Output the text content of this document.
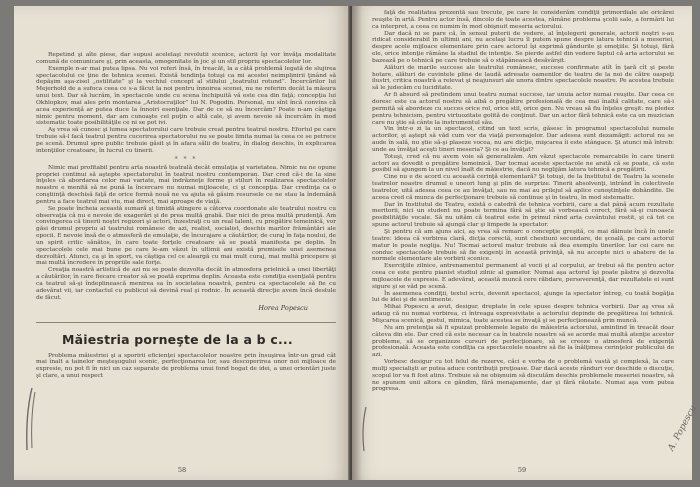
Repetind şi aîte piese, dar supusi acelelaşi revolutii scenice, actorii îşi vor învăţa modalitate comună de comunicare şi, prin aceasta, omogenitate în joc şi un stil propriu spectacolelor lor.

Exemple n-ar mai putea lipsa. Nu voi referi însă, în treacăt, la a câtă problemă legată de slujirea spectacolului ce ţine de tehnica scenei. Există tendinţa totuşi ca mi acestei neimplinirii ţinând să depăşim aşa-zisel „ostilitate” şi la vechiul concept al stilului „teatrului rotund”. Încercărilor lui Mejerhold de a sufoca ceea ce s-a făcut la noi pentru înnoirea scenei, nu ne referim decât la măsura unui text. Dar să lucrăm, în spectacole unde cu scena închipuită vă este cea din faţă; concepţia lui Okhlopkov, mai ales prin montarea „Aristocraţilor” lui N. Pogodin. Personal, nu sînt încă convins că acea experienţă ar putea duce la înnoiri esenţiale. Dar de ce să nu încercăm? Poate n-am câştiga nimic pentru moment, dar am cunoaşte cel puţin o altă cale, şi avem nevoie să încercăm în mod sistematic toate posibilităţile ce ni se pot ivi.

Aş vrea să cunosc şi lumea spectatorului care trebuie creat pentru teatrul nostru. Efortul pe care trebuie să-l facă teatrul pentru cucerirea spectatorului nu se poate limita numai la ceea ce se petrece pe scenă. Drumul spre public trebuie găsit şi în afara sălii de teatru, în dialog deschis, în explicarea intenţiilor creatoare, în lucrul cu tinerii.

* * *

Nimic mai profitabil pentru arta noastră teatrală decât emulaţia şi varietatea. Nimic nu ne opune propriei continui să aştepte spectatorului în teatrul nostru contemporan. Dar cred că-i de la sine înţeles că abordarea celor mai variate, mai îndrăzneţe forme şi stiluri în realizarea spectacolelor noastre e menită să ne pună la încercare nu numai mijloacele, ci şi concepţia. Dar credinţa ca o conştiinţă deschisă faţă de orice formă nouă ne va ajuta să găsim resursele ce ne stau la îndemână pentru a face teatrul mai viu, mai direct, mai aproape de viaţă.

Se poate încheia această sumară şi timidă atingere a câtorva coordonate ale teatrului nostru cu observaţia că nu e nevoie de exagerări şi de prea multă grabă. Dar nici de prea multă prudenţă. Am convingerea că tinerii noştri regizori şi actori, înzestraţi cu un real talent, cu pregătire temeinică, vor găsi drumul propriu al teatrului românesc de azi, realist, socialist, deschis marilor frământări ale epocii. E nevoie însă de o atmosferă de emulaţie, de încurajare a căutărilor, de curaj în faţa noului, de un spirit critic sănătos, în care toate forţele creatoare să se poată manifesta pe deplin. În spectacolele cele mai bune pe care le-am văzut în ultimii ani există premisele unei asemenea dezvoltări. Atunci, ca şi în sport, va câştiga cel ce aleargă cu mai mult curaj, mai multă pricepere şi mai multă încredere în propriile sale forţe.

Creaţia noastră artistică de azi nu se poate dezvolta decât în atmosfera prielnică a unei libertăţi a căutărilor, în care fiecare creator să se poată exprima deplin. Aceasta este condiţia esenţială pentru ca teatrul să-şi îndeplinească menirea sa în societatea noastră, pentru ca spectacolele să fie cu adevărat vii, iar contactul cu publicul să devină real şi rodnic. În această direcţie avem încă destule de făcut.

Horea Popescu
Măiestria porneşte de la a b c...

Problema măiestriei şi a sporirii eficienţei spectacolelor noastre prin însuşirea într-un grad cât mai înalt a tainelor meşteşugului scenic, perfecţionarea lor, sau descoperirea unor noi mijloace de expresie, nu pot fi în nici un caz separate de problema unui fond bogat de idei, a unei orientări juste şi clare, a unui respect

58

faţă de realitatea prezentă sau trecute, pe care le considerăm condiţii primordiale ale oricărei reuşite în artă. Pentru actor însă, dincolo de toate acestea, rămâne problema şcolii sale, a formării lui ca interpret, a ceea ce numim în mod obişnuit meseria actorului.

Dar dacă ni se pare că, în sensul puterii de vedere, al înţelegerii generale, actorii noştri s-au ridicat considerabil în ultimii ani, nu acelaşi lucru îl putem spune despre latura tehnică a meseriei, despre acele mijloace elementare prin care actorul îşi exprimă gândurile şi emoţiile. Şi totuşi, fără ele, orice intenţie rămâne la stadiul de intenţie. Se pierde astfel din vedere faptul că arta actorului se bazează pe o tehnică pe care trebuie să o stăpânească desăvârşit.

Alături de marile succese ale teatrului românesc, succese confirmate atît în ţară cît şi peste hotare, alături de cuvintele pline de laudă adresate oamenilor de teatru de la noi de către oaspeţi ilustri, critica noastră a relevat şi neajunsuri ale unora dintre spectacolele noastre. Pe acestea trebuie să le judecăm cu luciditate.

Ar fi absurd să pretindem unui teatru numai succese, iar unuia actor numai reuşite. Dar ceea ce doresc este ca actorul nostru să aibă o pregătire profesională de cea mai înaltă calitate, care să-i permită să abordeze cu succes orice rol, orice stil, orice gen. Nu vreau să fiu înţeles greşit: nu pledez pentru tehnicism, pentru virtuozitate golită de conţinut. Dar un actor fără tehnică este ca un muzician care nu ştie să cânte la instrumentul său.

Vin într-o zi la un spectacol, citind un text scris, găsesc în programul spectacolului numele actorilor, şi aştept să văd cum vor da viaţă personajelor. Dar adesea sunt dezamăgit: actorul nu se aude în sală, nu ştie să-şi plaseze vocea, nu are dicţie, mişcarea îi este stângace. Şi atunci mă întreb: unde au învăţat aceşti tineri meseria? Şi ce au învăţat?

Totuşi, cred că nu avem voie să generalizăm. Am văzut spectacole remarcabile în care tinerii actori au dovedit o pregătire temeinică. Dar tocmai aceste spectacole ne arată că se poate, că este posibil să ajungem la un nivel înalt de măiestrie, dacă nu neglijăm latura tehnică a pregătirii.

Cine nu e de acord cu această cerinţă elementară? Şi totuşi, de la Institutul de Teatru la scenele teatrelor noastre drumul e uneori lung şi plin de surprize. Tinerii absolvenţi, intrând în colectivele teatrelor, uită adesea ceea ce au învăţat, sau nu mai au prilejul să aplice cunoştinţele dobândite. De aceea cred că munca de perfecţionare trebuie să continue şi în teatru, în mod sistematic.

Dar în Institutul de Teatru, există o catedră de tehnica vorbirii, care a dat până acum rezultate meritorii, nici un student nu poate termina fără să ştie să vorbească corect, fără să-şi cunoască posibilităţile vocale. Să nu uităm că teatrul este în primul rând arta cuvântului rostit, şi că tot ce spune actorul trebuie să ajungă clar şi limpede la spectator.

Şi pentru că am ajuns aici, aş vrea să remarc o concepţie greşită, ce mai dăinuie încă în unele teatre: ideea că vorbirea clară, dicţia corectă, sunt chestiuni secundare, de şcoală, pe care actorul matur le poate neglija. Nu! Tocmai actorul matur trebuie să dea exemplu tinerilor. Iar cei care ne conduc spectacolele trebuie să fie exigenţi în această privinţă, să nu accepte nici o abatere de la normele elementare ale vorbirii scenice.

Exerciţiile zilnice, antrenamentul permanent al vocii şi al corpului, ar trebui să fie pentru actor ceea ce este pentru pianist studiul zilnic al gamelor. Numai aşa actorul îşi poate păstra şi dezvolta mijloacele de expresie. E adevărat, această muncă cere răbdare, perseverenţă, dar rezultatele ei sunt sigure şi se văd pe scenă.

În asemenea condiţii, textul scris, devenit spectacol, ajunge la spectator întreg, cu toată bogăţia lui de idei şi de sentimente.

Mihai Popescu a avut, desigur, dreptate în cele spuse despre tehnica vorbirii. Dar aş vrea să adaug că nu numai vorbirea, ci întreaga expresivitate a actorului depinde de pregătirea lui tehnică. Mişcarea scenică, gestul, mimica, toate acestea se învaţă şi se perfecţionează prin muncă.

Nu am pretenţia să fi epuizat problemele legate de măiestria actorului, amintind în treacăt doar câteva din ele. Dar cred că este necesar ca în teatrele noastre să se acorde mai multă atenţie acestor probleme, să se organizeze cursuri de perfecţionare, să se creeze o atmosferă de exigenţă profesională. Aceasta este condiţia ca spectacolele noastre să fie la înălţimea cerinţelor publicului de azi.

Vorbesc desigur cu tot felul de rezerve, căci e vorba de o problemă vastă şi complexă, la care mulţi specialişti ar putea aduce contribuţii preţioase. Dar dacă aceste rânduri vor deschide o discuţie, scopul lor va fi fost atins. Trebuie să ne obişnuim să discutăm deschis problemele meseriei noastre, să ne spunem unii altora ce gândim, fără menajamente, dar şi fără răutate. Numai aşa vom putea progresa.

59
A. Popescu
